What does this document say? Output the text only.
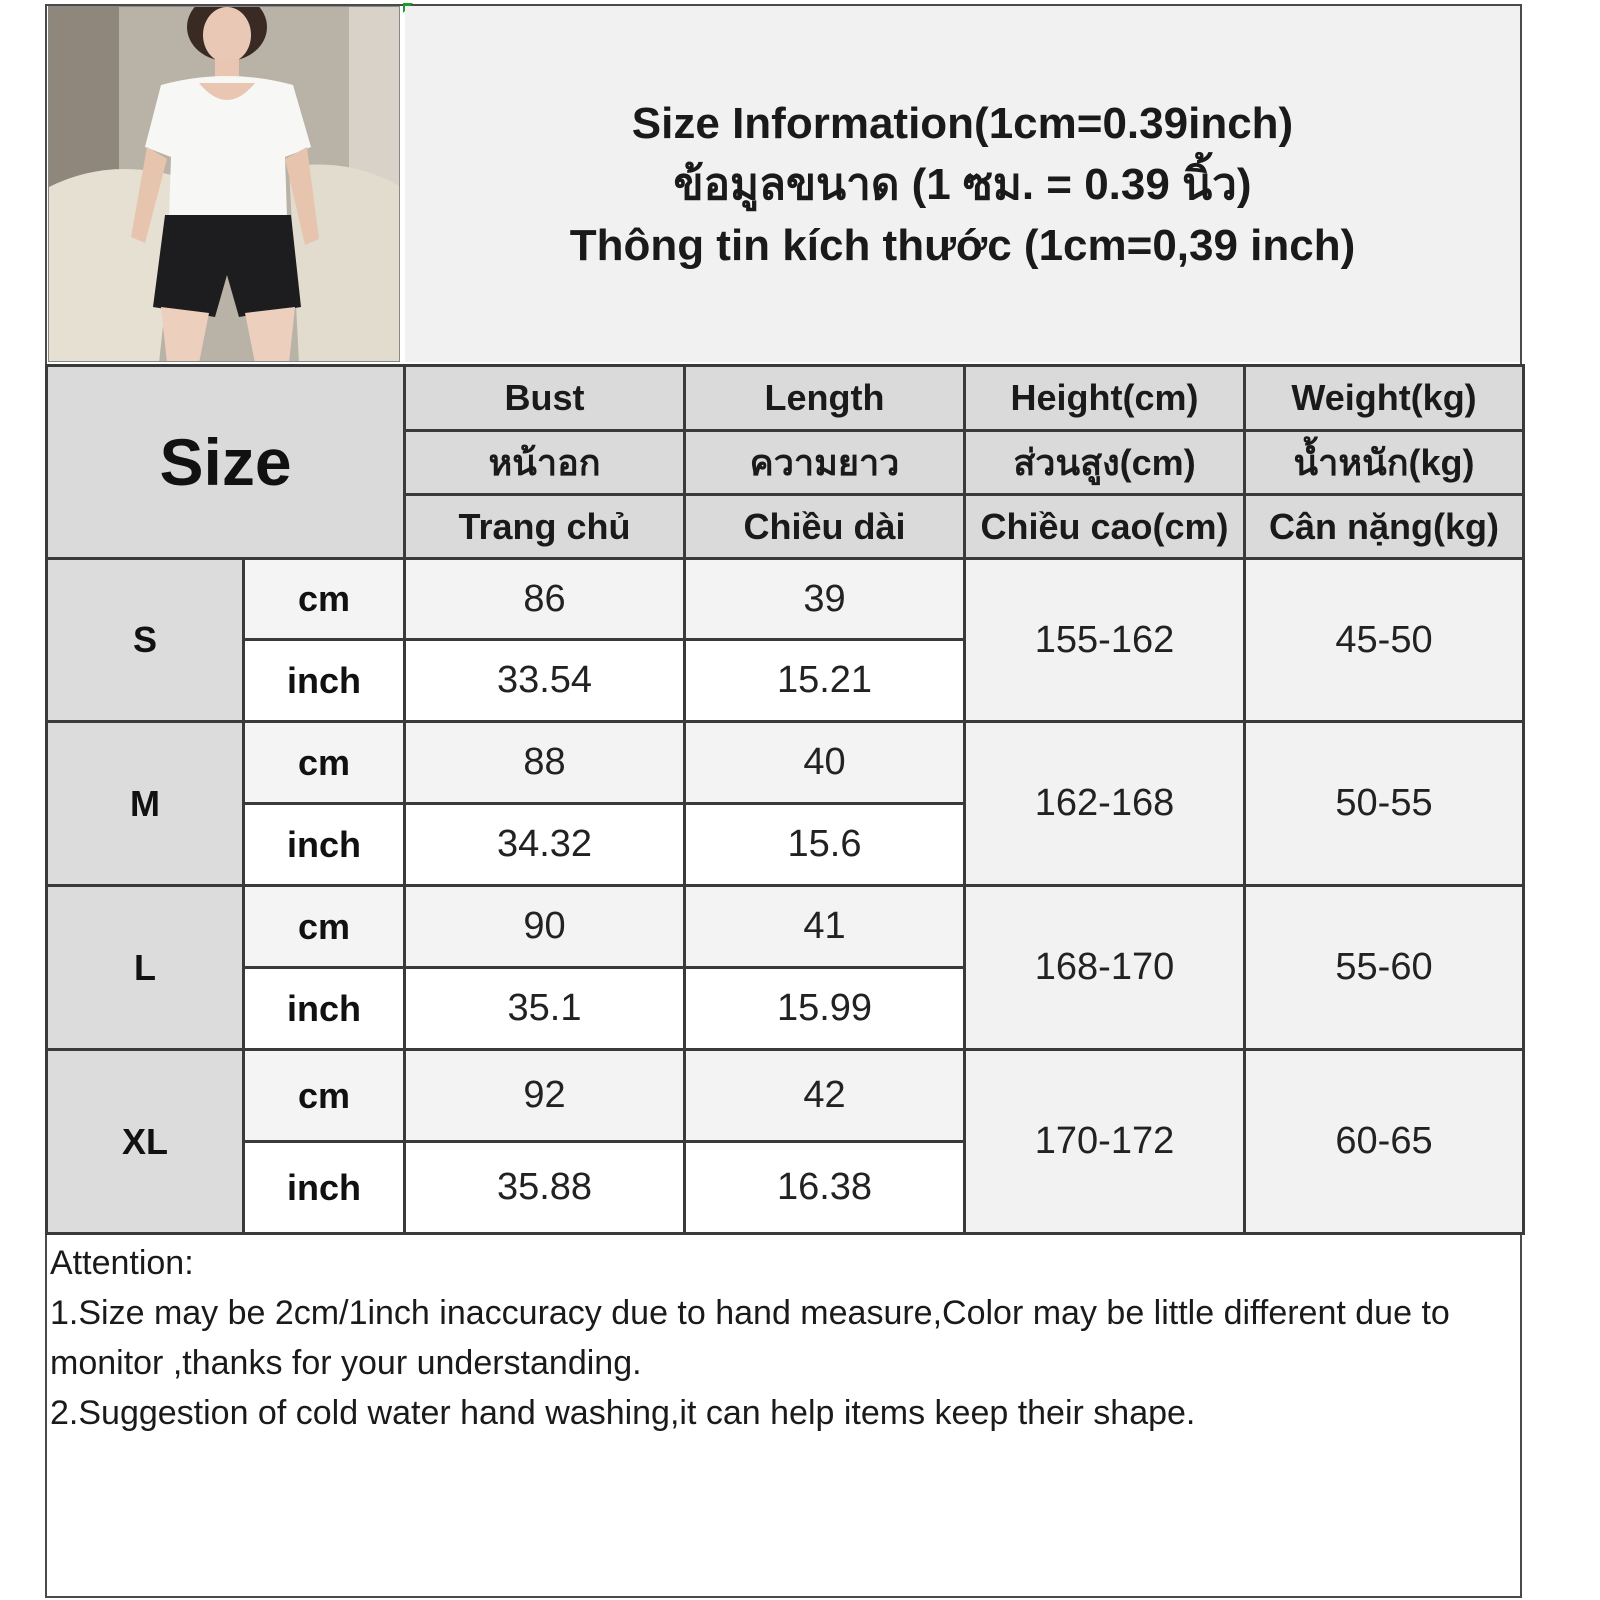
Size Information(1cm=0.39inch)
ข้อมูลขนาด (1 ซม. = 0.39 นิ้ว)
Thông tin kích thước (1cm=0,39 inch)
Size		Bust	Length	Height(cm)	Weight(kg)
		หน้าอก	ความยาว	ส่วนสูง(cm)	น้ำหนัก(kg)
		Trang chủ	Chiều dài	Chiều cao(cm)	Cân nặng(kg)
S	cm	86	39	155-162	45-50
	inch	33.54	15.21		
M	cm	88	40	162-168	50-55
	inch	34.32	15.6		
L	cm	90	41	168-170	55-60
	inch	35.1	15.99		
XL	cm	92	42	170-172	60-65
	inch	35.88	16.38		
Attention:
1.Size may be 2cm/1inch inaccuracy due to hand measure,Color may be little different due to monitor ,thanks for your understanding.
2.Suggestion of cold water hand washing,it can help items keep their shape.
